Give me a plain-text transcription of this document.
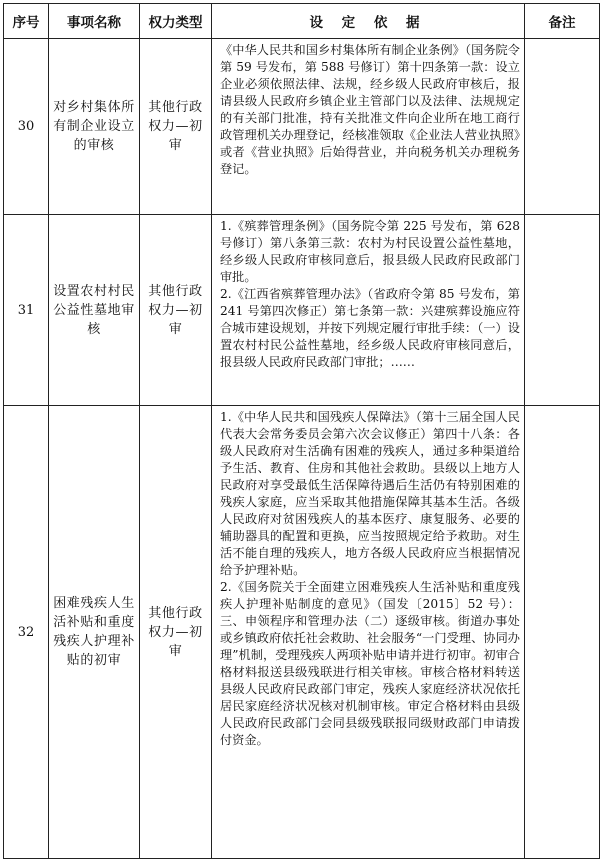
序号	事项名称	权力类型	设 定 依 据	备注
30	对乡村集体所有制企业设立的审核	其他行政权力—初审	《中华人民共和国乡村集体所有制企业条例》（国务院令第 59 号发布，第 588 号修订）第十四条第一款：设立企业必须依照法律、法规，经乡级人民政府审核后，报请县级人民政府乡镇企业主管部门以及法律、法规规定的有关部门批准，持有关批准文件向企业所在地工商行政管理机关办理登记，经核准领取《企业法人营业执照》或者《营业执照》后始得营业，并向税务机关办理税务登记。	

31	设置农村村民公益性墓地审核	其他行政权力—初审	1.《殡葬管理条例》（国务院令第 225 号发布，第 628 号修订）第八条第三款：农村为村民设置公益性墓地，经乡级人民政府审核同意后，报县级人民政府民政部门审批。

2.《江西省殡葬管理办法》（省政府令第 85 号发布，第 241 号第四次修正）第七条第一款：兴建殡葬设施应符合城市建设规划，并按下列规定履行审批手续：（一）设置农村村民公益性墓地，经乡级人民政府审核同意后，报县级人民政府民政部门审批；……	

32	困难残疾人生活补贴和重度残疾人护理补贴的初审	其他行政权力—初审	1.《中华人民共和国残疾人保障法》（第十三届全国人民代表大会常务委员会第六次会议修正）第四十八条：各级人民政府对生活确有困难的残疾人，通过多种渠道给予生活、教育、住房和其他社会救助。县级以上地方人民政府对享受最低生活保障待遇后生活仍有特别困难的残疾人家庭，应当采取其他措施保障其基本生活。各级人民政府对贫困残疾人的基本医疗、康复服务、必要的辅助器具的配置和更换，应当按照规定给予救助。对生活不能自理的残疾人，地方各级人民政府应当根据情况给予护理补贴。

2.《国务院关于全面建立困难残疾人生活补贴和重度残疾人护理补贴制度的意见》（国发〔2015〕52 号）：三、申领程序和管理办法（二）逐级审核。街道办事处或乡镇政府依托社会救助、社会服务“一门受理、协同办理”机制，受理残疾人两项补贴申请并进行初审。初审合格材料报送县级残联进行相关审核。审核合格材料转送县级人民政府民政部门审定，残疾人家庭经济状况依托居民家庭经济状况核对机制审核。审定合格材料由县级人民政府民政部门会同县级残联报同级财政部门申请拨付资金。	
